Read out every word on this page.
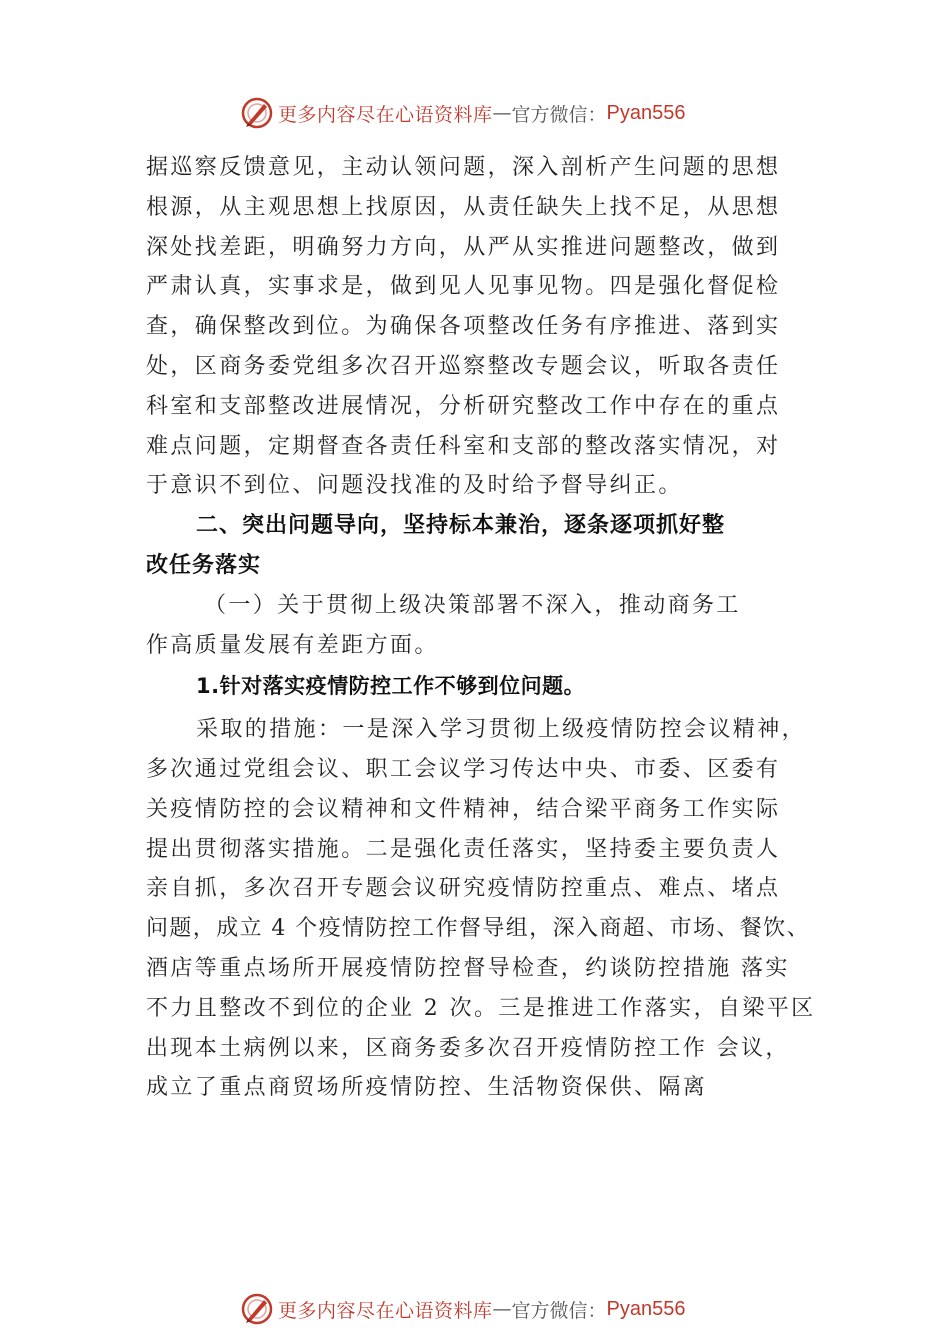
更多内容尽在心语资料库 — 官方微信： Pyan556

据巡察反馈意见，主动认领问题，深入剖析产生问题的思想

根源，从主观思想上找原因，从责任缺失上找不足，从思想

深处找差距，明确努力方向，从严从实推进问题整改，做到

严肃认真，实事求是，做到见人见事见物。四是强化督促检

查，确保整改到位。为确保各项整改任务有序推进、落到实

处，区商务委党组多次召开巡察整改专题会议，听取各责任

科室和支部整改进展情况，分析研究整改工作中存在的重点

难点问题，定期督查各责任科室和支部的整改落实情况，对

于意识不到位、问题没找准的及时给予督导纠正。

二、突出问题导向，坚持标本兼治，逐条逐项抓好整

改任务落实

（一）关于贯彻上级决策部署不深入，推动商务工

作高质量发展有差距方面。

1.针对落实疫情防控工作不够到位问题。

采取的措施：一是深入学习贯彻上级疫情防控会议精神，

多次通过党组会议、职工会议学习传达中央、市委、区委有

关疫情防控的会议精神和文件精神，结合梁平商务工作实际

提出贯彻落实措施。二是强化责任落实，坚持委主要负责人

亲自抓，多次召开专题会议研究疫情防控重点、难点、堵点

问题，成立 4 个疫情防控工作督导组，深入商超、市场、餐饮、

酒店等重点场所开展疫情防控督导检查，约谈防控措施 落实

不力且整改不到位的企业 2 次。三是推进工作落实，自梁平区

出现本土病例以来，区商务委多次召开疫情防控工作 会议，

成立了重点商贸场所疫情防控、生活物资保供、隔离

更多内容尽在心语资料库 — 官方微信： Pyan556
